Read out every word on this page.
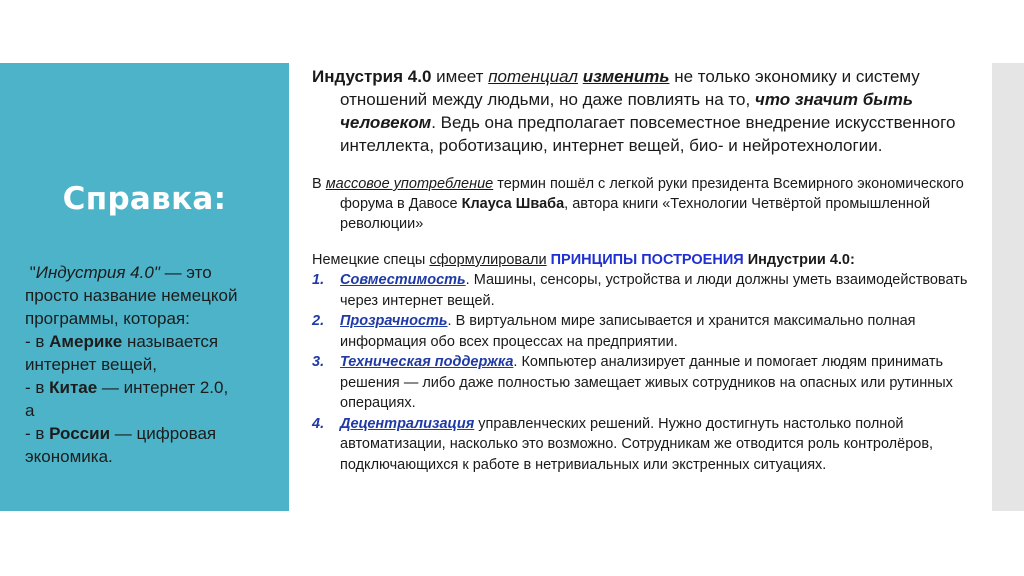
Справка:
"Индустрия 4.0" — это
просто название немецкой
программы, которая:
- в Америке называется
интернет вещей,
- в Китае — интернет 2.0,
а
- в России — цифровая
экономика.

Индустрия 4.0 имеет потенциал изменить не только экономику и систему отношений между людьми, но даже повлиять на то, что значит быть человеком. Ведь она предполагает повсеместное внедрение искусственного интеллекта, роботизацию, интернет вещей, био- и нейротехнологии.

В массовое употребление термин пошёл с легкой руки президента Всемирного экономического форума в Давосе Клауса Шваба, автора книги «Технологии Четвёртой промышленной революции»
Немецкие спецы сформулировали ПРИНЦИПЫ ПОСТРОЕНИЯ Индустрии 4.0:
1. Совместимость. Машины, сенсоры, устройства и люди должны уметь взаимодействовать через интернет вещей.
2. Прозрачность. В виртуальном мире записывается и хранится максимально полная информация обо всех процессах на предприятии.
3. Техническая поддержка. Компьютер анализирует данные и помогает людям принимать решения — либо даже полностью замещает живых сотрудников на опасных или рутинных операциях.
4. Децентрализация управленческих решений. Нужно достигнуть настолько полной автоматизации, насколько это возможно. Сотрудникам же отводится роль контролёров, подключающихся к работе в нетривиальных или экстренных ситуациях.
